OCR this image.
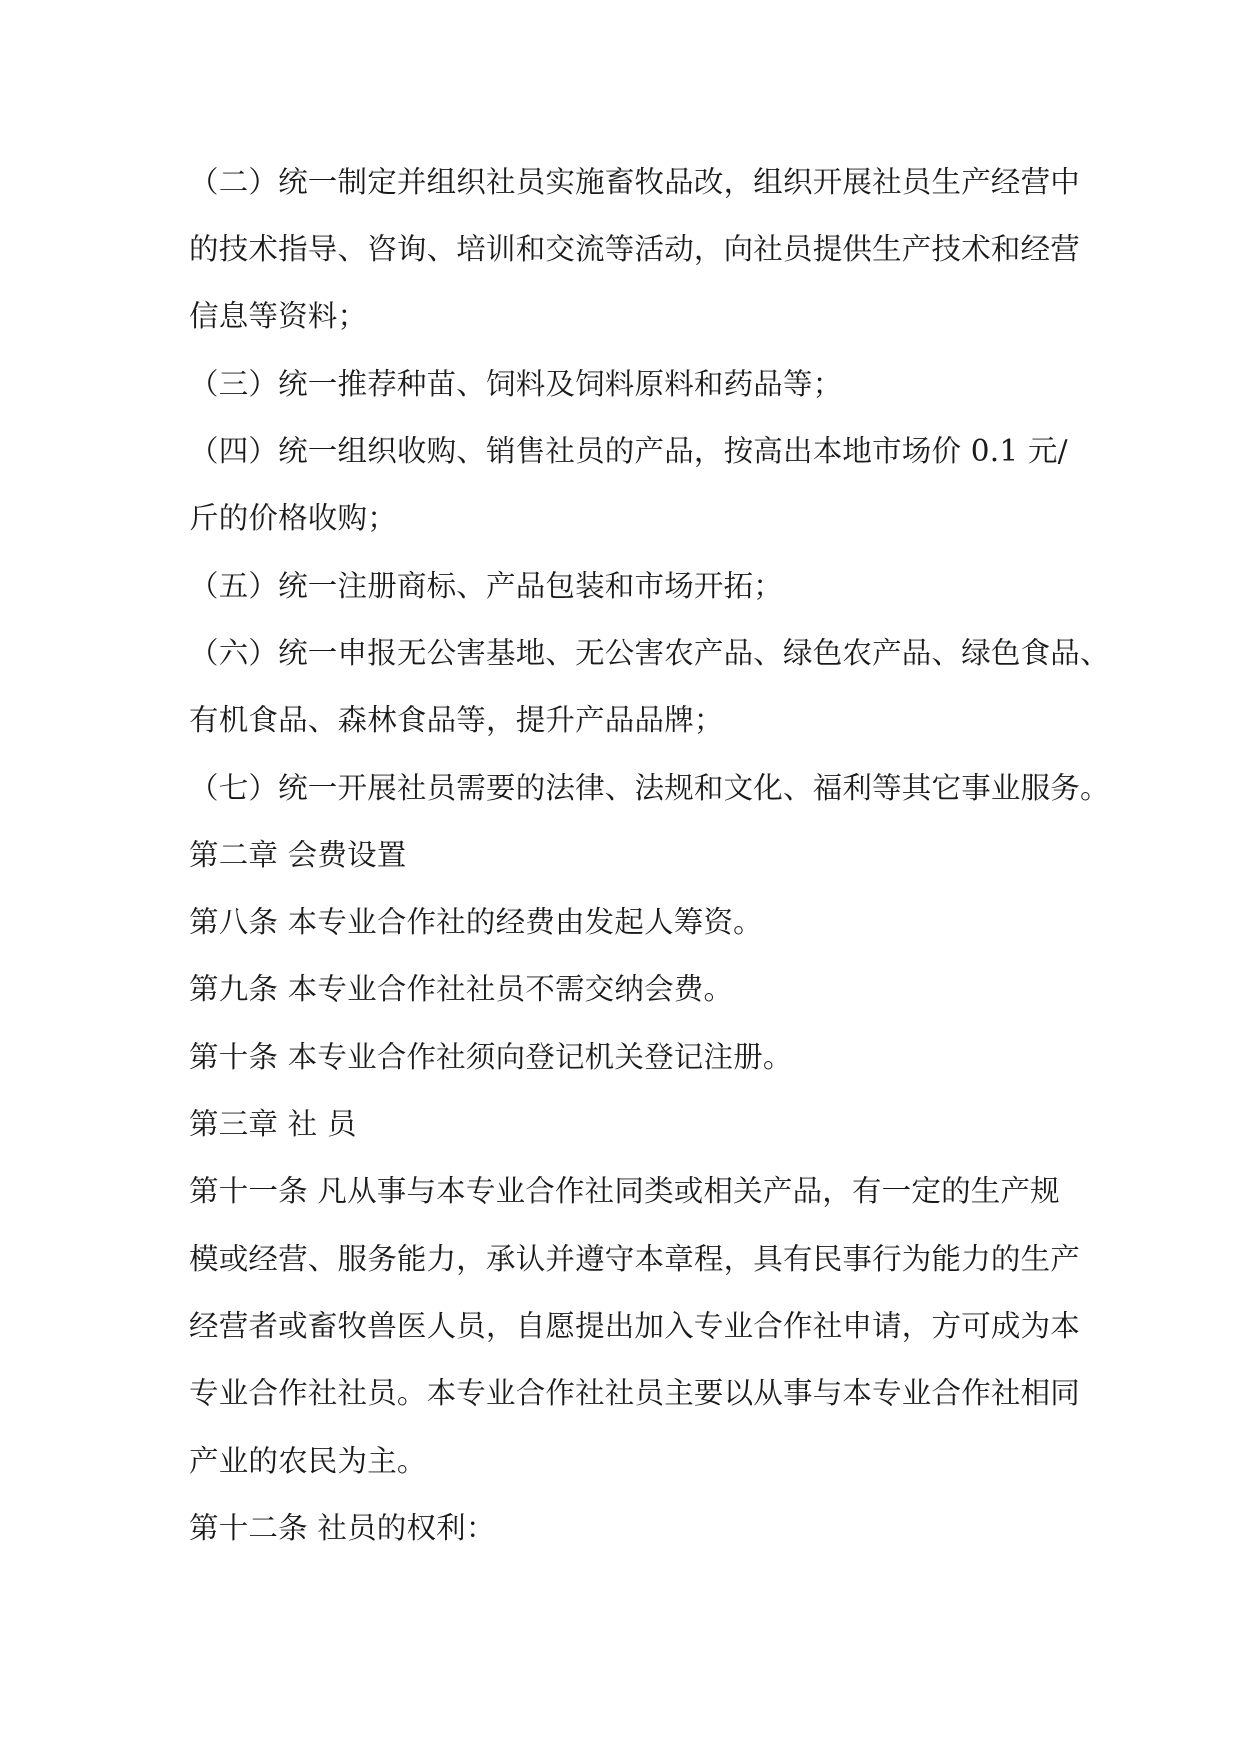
（二）统一制定并组织社员实施畜牧品改，组织开展社员生产经营中
的技术指导、咨询、培训和交流等活动，向社员提供生产技术和经营
信息等资料；
（三）统一推荐种苗、饲料及饲料原料和药品等；
（四）统一组织收购、销售社员的产品，按高出本地市场价 0.1 元/
斤的价格收购；
（五）统一注册商标、产品包装和市场开拓；
（六）统一申报无公害基地、无公害农产品、绿色农产品、绿色食品、
有机食品、森林食品等，提升产品品牌；
（七）统一开展社员需要的法律、法规和文化、福利等其它事业服务。
第二章 会费设置
第八条 本专业合作社的经费由发起人筹资。
第九条 本专业合作社社员不需交纳会费。
第十条 本专业合作社须向登记机关登记注册。
第三章 社 员
第十一条 凡从事与本专业合作社同类或相关产品，有一定的生产规
模或经营、服务能力，承认并遵守本章程，具有民事行为能力的生产
经营者或畜牧兽医人员，自愿提出加入专业合作社申请，方可成为本
专业合作社社员。本专业合作社社员主要以从事与本专业合作社相同
产业的农民为主。
第十二条 社员的权利：
